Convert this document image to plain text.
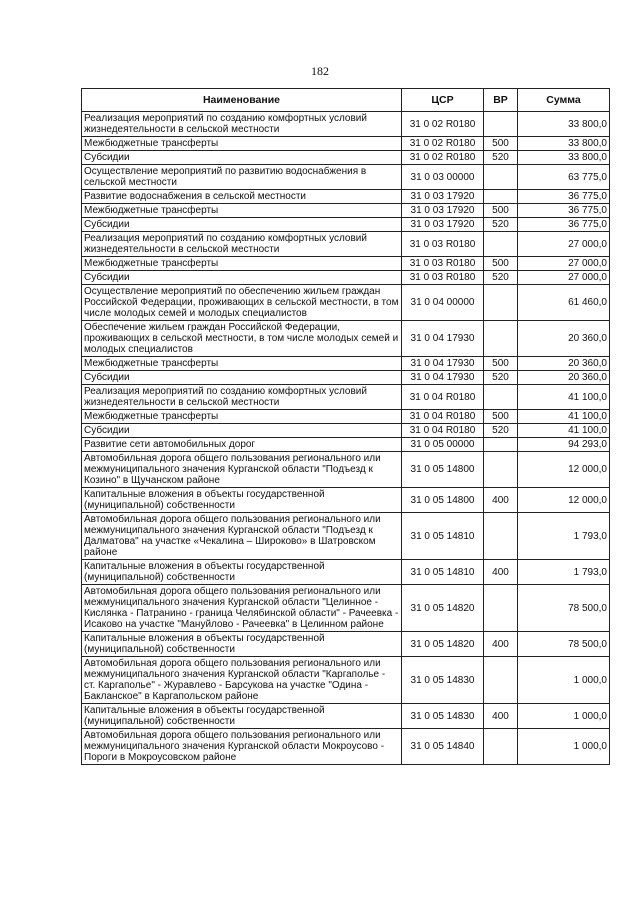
182
Наименование	ЦСР	ВР	Сумма
Реализация мероприятий по созданию комфортных условий жизнедеятельности в сельской местности	31 0 02 R0180		33 800,0
Межбюджетные трансферты	31 0 02 R0180	500	33 800,0
Субсидии	31 0 02 R0180	520	33 800,0
Осуществление мероприятий по развитию водоснабжения в сельской местности	31 0 03 00000		63 775,0
Развитие водоснабжения в сельской местности	31 0 03 17920		36 775,0
Межбюджетные трансферты	31 0 03 17920	500	36 775,0
Субсидии	31 0 03 17920	520	36 775,0
Реализация мероприятий по созданию комфортных условий жизнедеятельности в сельской местности	31 0 03 R0180		27 000,0
Межбюджетные трансферты	31 0 03 R0180	500	27 000,0
Субсидии	31 0 03 R0180	520	27 000,0
Осуществление мероприятий по обеспечению жильем граждан Российской Федерации, проживающих в сельской местности, в том числе молодых семей и молодых специалистов	31 0 04 00000		61 460,0
Обеспечение жильем граждан Российской Федерации, проживающих в сельской местности, в том числе молодых семей и молодых специалистов	31 0 04 17930		20 360,0
Межбюджетные трансферты	31 0 04 17930	500	20 360,0
Субсидии	31 0 04 17930	520	20 360,0
Реализация мероприятий по созданию комфортных условий жизнедеятельности в сельской местности	31 0 04 R0180		41 100,0
Межбюджетные трансферты	31 0 04 R0180	500	41 100,0
Субсидии	31 0 04 R0180	520	41 100,0
Развитие сети автомобильных дорог	31 0 05 00000		94 293,0
Автомобильная дорога общего пользования регионального или межмуниципального значения Курганской области "Подъезд к Козино" в Щучанском районе	31 0 05 14800		12 000,0
Капитальные вложения в объекты государственной (муниципальной) собственности	31 0 05 14800	400	12 000,0
Автомобильная дорога общего пользования регионального или межмуниципального значения Курганской области "Подъезд к Далматова" на участке «Чекалина – Широково» в Шатровском районе	31 0 05 14810		1 793,0
Капитальные вложения в объекты государственной (муниципальной) собственности	31 0 05 14810	400	1 793,0
Автомобильная дорога общего пользования регионального или межмуниципального значения Курганской области "Целинное - Кислянка - Патранино - граница Челябинской области" - Рачеевка - Исаково на участке "Мануйлово - Рачеевка" в Целинном районе	31 0 05 14820		78 500,0
Капитальные вложения в объекты государственной (муниципальной) собственности	31 0 05 14820	400	78 500,0
Автомобильная дорога общего пользования регионального или межмуниципального значения Курганской области "Каргаполье - ст. Каргаполье" - Журавлево - Барсукова на участке "Одина - Бакланское" в Каргапольском районе	31 0 05 14830		1 000,0
Капитальные вложения в объекты государственной (муниципальной) собственности	31 0 05 14830	400	1 000,0
Автомобильная дорога общего пользования регионального или межмуниципального значения Курганской области Мокроусово - Пороги в Мокроусовском районе	31 0 05 14840		1 000,0
